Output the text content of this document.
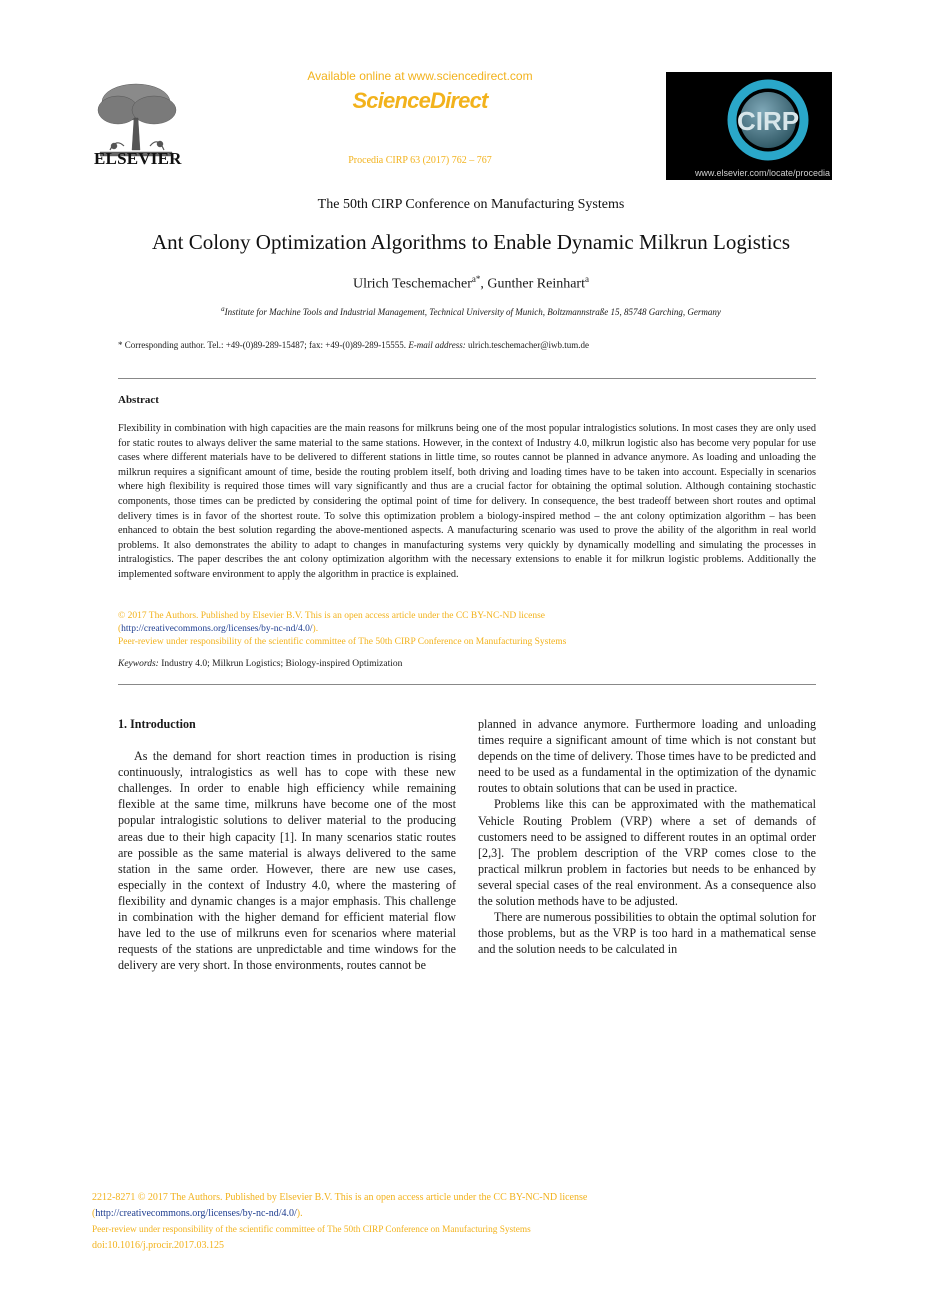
ELSEVIER
Available online at www.sciencedirect.com
ScienceDirect
Procedia CIRP 63 (2017) 762 – 767
CIRP
www.elsevier.com/locate/procedia
The 50th CIRP Conference on Manufacturing Systems
Ant Colony Optimization Algorithms to Enable Dynamic Milkrun Logistics
Ulrich Teschemacher$^{a*}$, Gunther Reinhart$^a$
$^a$Institute for Machine Tools and Industrial Management, Technical University of Munich, Boltzmannstraße 15, 85748 Garching, Germany
* Corresponding author. Tel.: +49-(0)89-289-15487; fax: +49-(0)89-289-15555. E-mail address: ulrich.teschemacher@iwb.tum.de
Abstract
Flexibility in combination with high capacities are the main reasons for milkruns being one of the most popular intralogistics solutions. In most cases they are only used for static routes to always deliver the same material to the same stations. However, in the context of Industry 4.0, milkrun logistic also has become very popular for use cases where different materials have to be delivered to different stations in little time, so routes cannot be planned in advance anymore. As loading and unloading the milkrun requires a significant amount of time, beside the routing problem itself, both driving and loading times have to be taken into account. Especially in scenarios where high flexibility is required those times will vary significantly and thus are a crucial factor for obtaining the optimal solution. Although containing stochastic components, those times can be predicted by considering the optimal point of time for delivery. In consequence, the best tradeoff between short routes and optimal delivery times is in favor of the shortest route. To solve this optimization problem a biology-inspired method – the ant colony optimization algorithm – has been enhanced to obtain the best solution regarding the above-mentioned aspects. A manufacturing scenario was used to prove the ability of the algorithm in real world problems. It also demonstrates the ability to adapt to changes in manufacturing systems very quickly by dynamically modelling and simulating the processes in intralogistics. The paper describes the ant colony optimization algorithm with the necessary extensions to enable it for milkrun logistic problems. Additionally the implemented software environment to apply the algorithm in practice is explained.
© 2017 The Authors. Published by Elsevier B.V. This is an open access article under the CC BY-NC-ND license
(http://creativecommons.org/licenses/by-nc-nd/4.0/).
Peer-review under responsibility of the scientific committee of The 50th CIRP Conference on Manufacturing Systems
Keywords: Industry 4.0; Milkrun Logistics; Biology-inspired Optimization
1. Introduction

As the demand for short reaction times in production is rising continuously, intralogistics as well has to cope with these new challenges. In order to enable high efficiency while remaining flexible at the same time, milkruns have become one of the most popular intralogistic solutions to deliver material to the producing areas due to their high capacity [1]. In many scenarios static routes are possible as the same material is always delivered to the same station in the same order. However, there are new use cases, especially in the context of Industry 4.0, where the mastering of flexibility and dynamic changes is a major emphasis. This challenge in combination with the higher demand for efficient material flow have led to the use of milkruns even for scenarios where material requests of the stations are unpredictable and time windows for the delivery are very short. In those environments, routes cannot be

planned in advance anymore. Furthermore loading and unloading times require a significant amount of time which is not constant but depends on the time of delivery. Those times have to be predicted and need to be used as a fundamental in the optimization of the dynamic routes to obtain solutions that can be used in practice.

Problems like this can be approximated with the mathematical Vehicle Routing Problem (VRP) where a set of demands of customers need to be assigned to different routes in an optimal order [2,3]. The problem description of the VRP comes close to the practical milkrun problem in factories but needs to be enhanced by several special cases of the real environment. As a consequence also the solution methods have to be adjusted.

There are numerous possibilities to obtain the optimal solution for those problems, but as the VRP is too hard in a mathematical sense and the solution needs to be calculated in

2212-8271 © 2017 The Authors. Published by Elsevier B.V. This is an open access article under the CC BY-NC-ND license
(http://creativecommons.org/licenses/by-nc-nd/4.0/).
Peer-review under responsibility of the scientific committee of The 50th CIRP Conference on Manufacturing Systems
doi:10.1016/j.procir.2017.03.125
